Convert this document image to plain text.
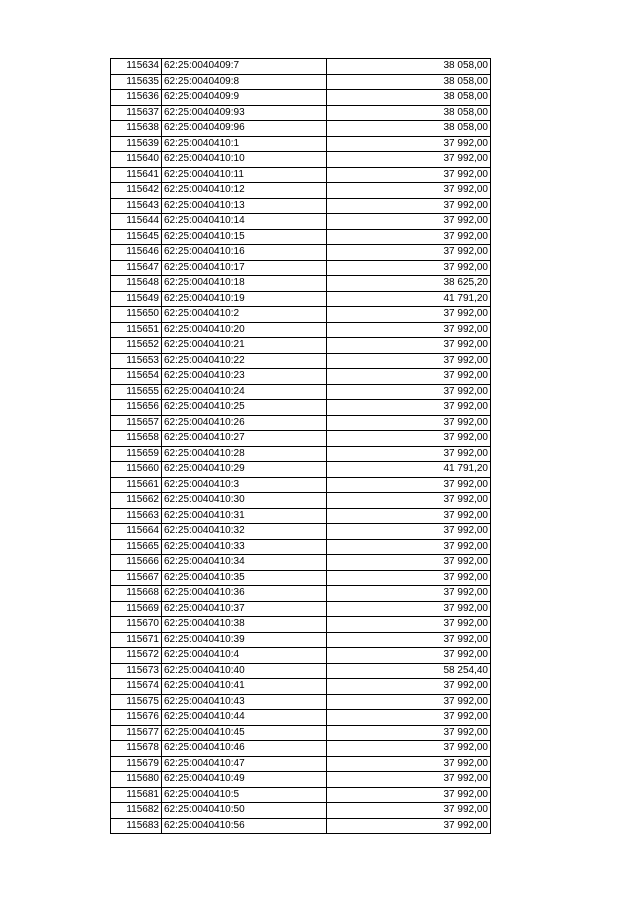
115634	62:25:0040409:7	38 058,00
115635	62:25:0040409:8	38 058,00
115636	62:25:0040409:9	38 058,00
115637	62:25:0040409:93	38 058,00
115638	62:25:0040409:96	38 058,00
115639	62:25:0040410:1	37 992,00
115640	62:25:0040410:10	37 992,00
115641	62:25:0040410:11	37 992,00
115642	62:25:0040410:12	37 992,00
115643	62:25:0040410:13	37 992,00
115644	62:25:0040410:14	37 992,00
115645	62:25:0040410:15	37 992,00
115646	62:25:0040410:16	37 992,00
115647	62:25:0040410:17	37 992,00
115648	62:25:0040410:18	38 625,20
115649	62:25:0040410:19	41 791,20
115650	62:25:0040410:2	37 992,00
115651	62:25:0040410:20	37 992,00
115652	62:25:0040410:21	37 992,00
115653	62:25:0040410:22	37 992,00
115654	62:25:0040410:23	37 992,00
115655	62:25:0040410:24	37 992,00
115656	62:25:0040410:25	37 992,00
115657	62:25:0040410:26	37 992,00
115658	62:25:0040410:27	37 992,00
115659	62:25:0040410:28	37 992,00
115660	62:25:0040410:29	41 791,20
115661	62:25:0040410:3	37 992,00
115662	62:25:0040410:30	37 992,00
115663	62:25:0040410:31	37 992,00
115664	62:25:0040410:32	37 992,00
115665	62:25:0040410:33	37 992,00
115666	62:25:0040410:34	37 992,00
115667	62:25:0040410:35	37 992,00
115668	62:25:0040410:36	37 992,00
115669	62:25:0040410:37	37 992,00
115670	62:25:0040410:38	37 992,00
115671	62:25:0040410:39	37 992,00
115672	62:25:0040410:4	37 992,00
115673	62:25:0040410:40	58 254,40
115674	62:25:0040410:41	37 992,00
115675	62:25:0040410:43	37 992,00
115676	62:25:0040410:44	37 992,00
115677	62:25:0040410:45	37 992,00
115678	62:25:0040410:46	37 992,00
115679	62:25:0040410:47	37 992,00
115680	62:25:0040410:49	37 992,00
115681	62:25:0040410:5	37 992,00
115682	62:25:0040410:50	37 992,00
115683	62:25:0040410:56	37 992,00
